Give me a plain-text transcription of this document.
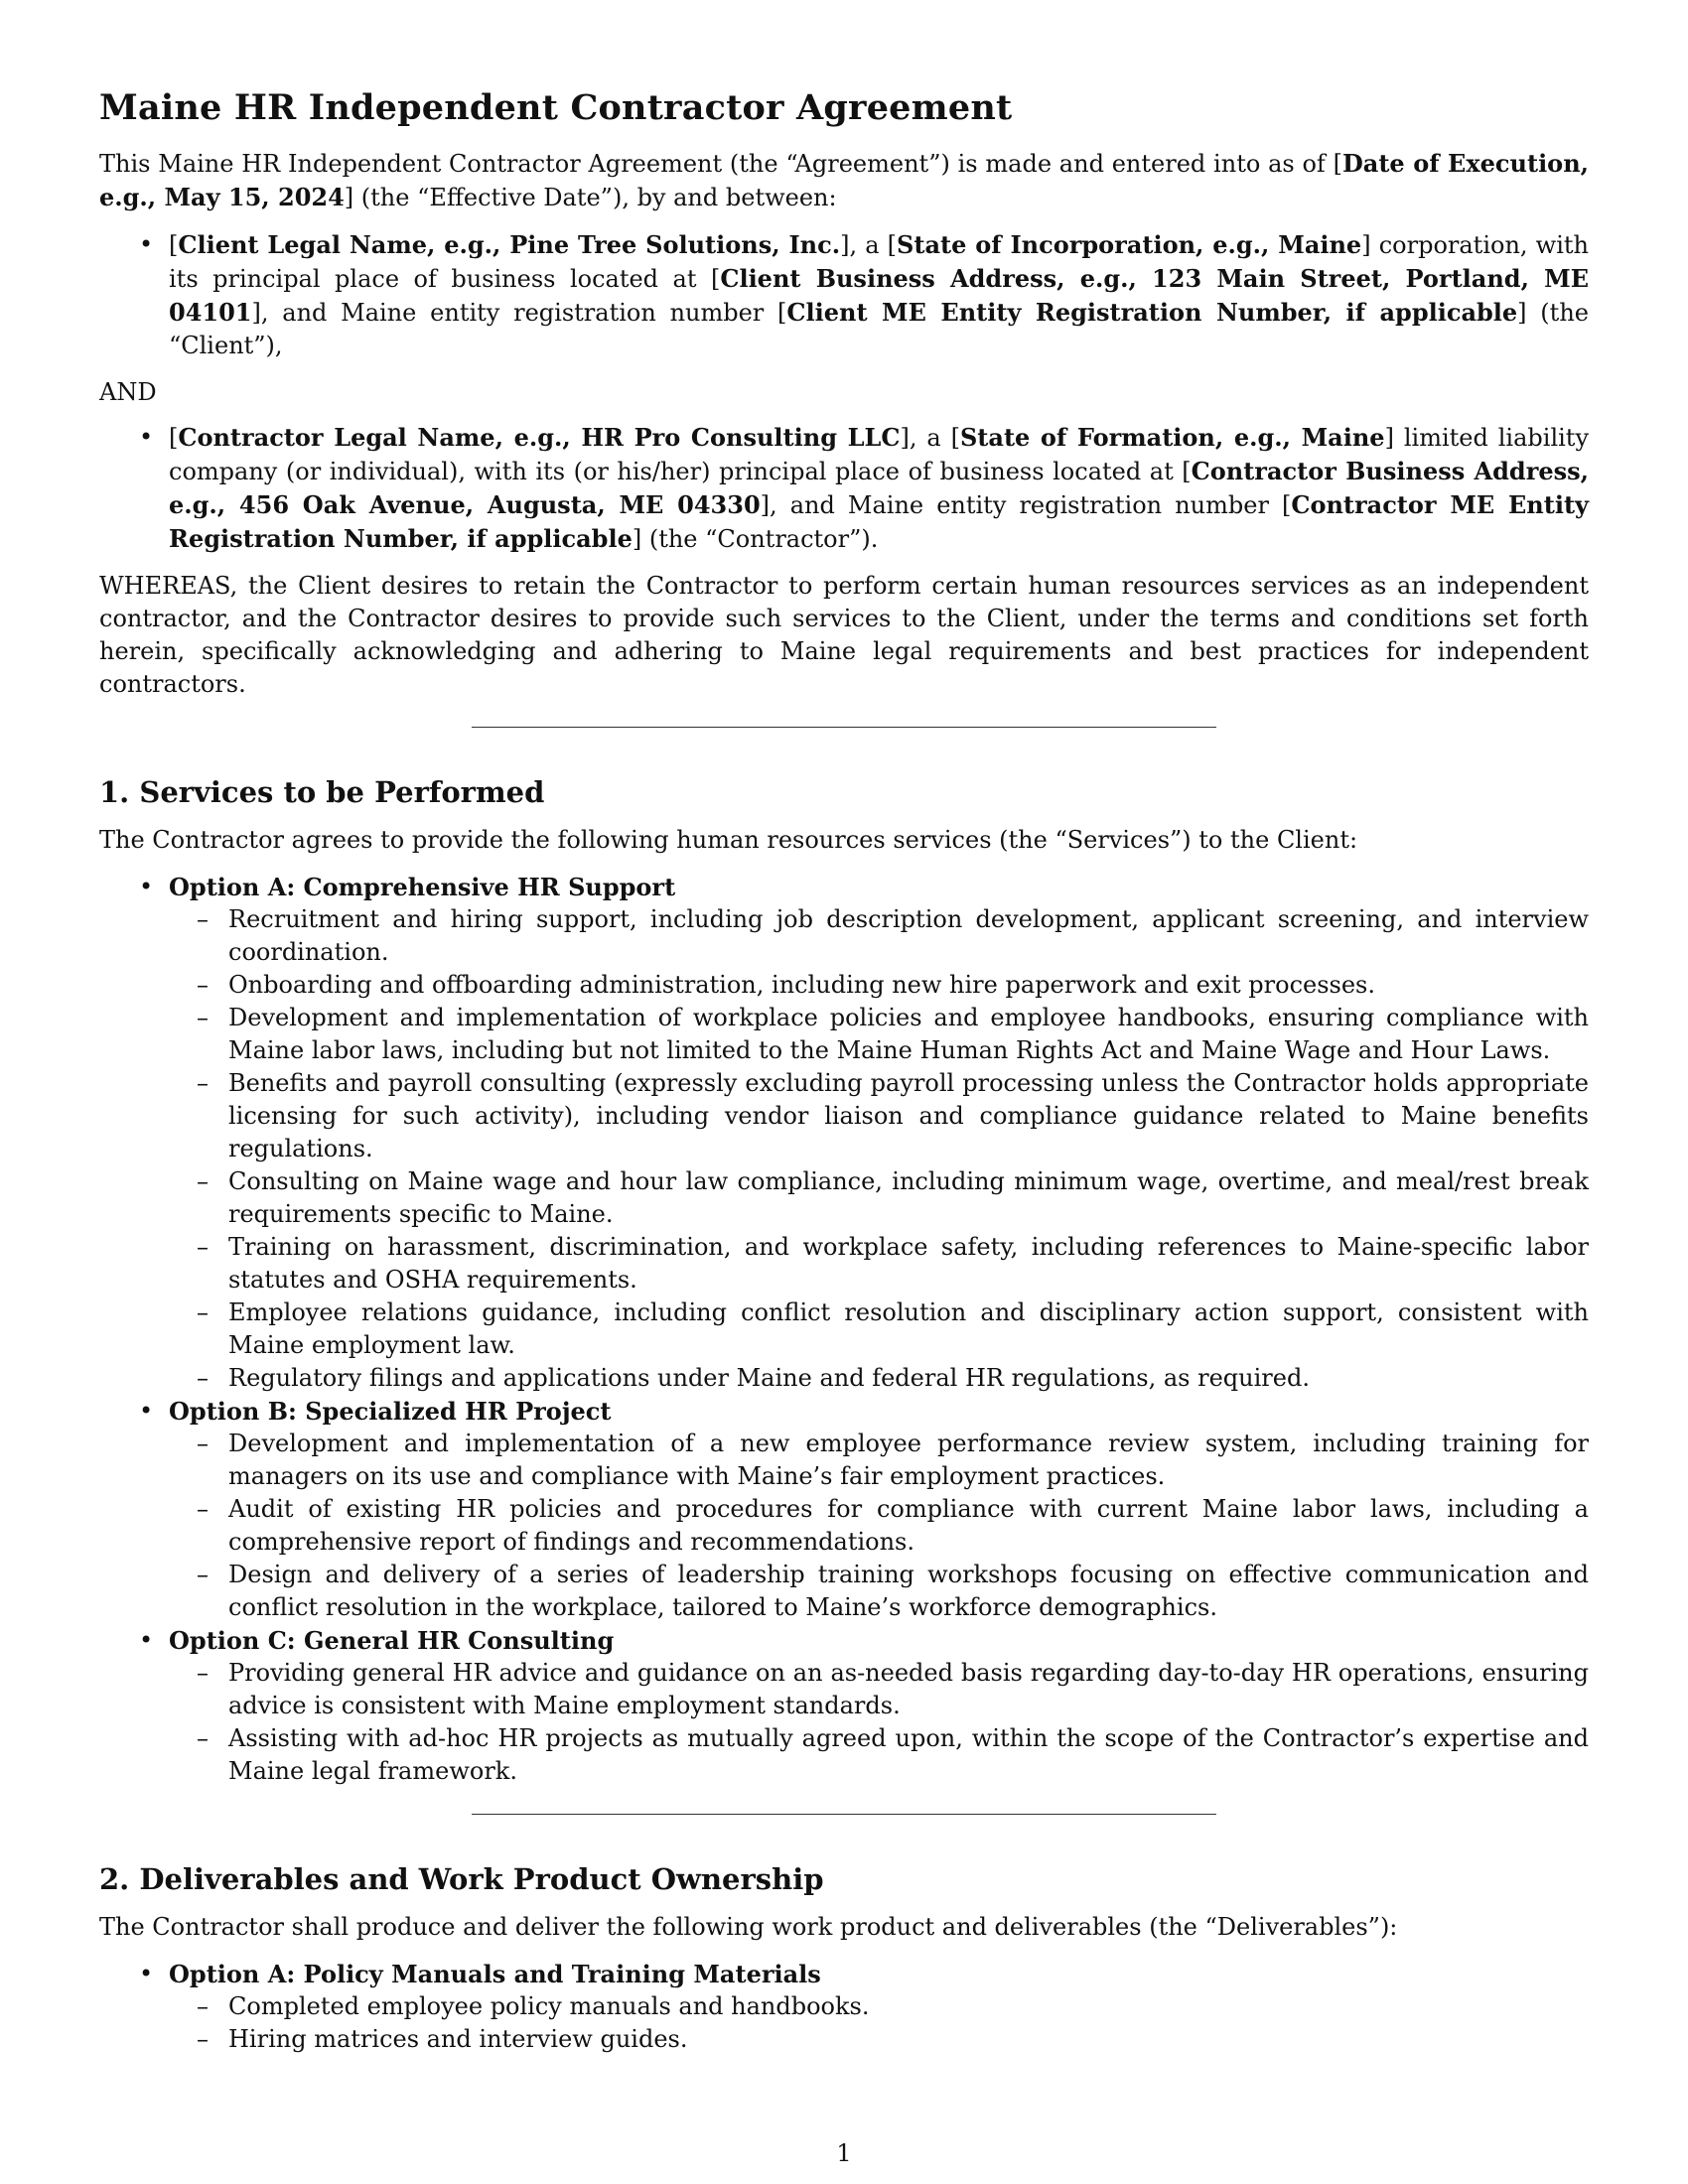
Maine HR Independent Contractor Agreement

This Maine HR Independent Contractor Agreement (the “Agreement”) is made and entered into as of [Date of Execution, e.g., May 15, 2024] (the “Effective Date”), by and between:

• [Client Legal Name, e.g., Pine Tree Solutions, Inc.], a [State of Incorporation, e.g., Maine] corporation, with its principal place of business located at [Client Business Address, e.g., 123 Main Street, Portland, ME 04101], and Maine entity registration number [Client ME Entity Registration Number, if applicable] (the “Client”),
AND
• [Contractor Legal Name, e.g., HR Pro Consulting LLC], a [State of Formation, e.g., Maine] limited liability company (or individual), with its (or his/her) principal place of business located at [Contractor Business Address, e.g., 456 Oak Avenue, Augusta, ME 04330], and Maine entity registration number [Contractor ME Entity Registration Number, if applicable] (the “Contractor”).

WHEREAS, the Client desires to retain the Contractor to perform certain human resources services as an independent contractor, and the Contractor desires to provide such services to the Client, under the terms and conditions set forth herein, specifically acknowledging and adhering to Maine legal requirements and best practices for independent contractors.

1. Services to be Performed

The Contractor agrees to provide the following human resources services (the “Services”) to the Client:

• Option A: Comprehensive HR Support
– Recruitment and hiring support, including job description development, applicant screening, and interview coordination.
– Onboarding and offboarding administration, including new hire paperwork and exit processes.
– Development and implementation of workplace policies and employee handbooks, ensuring compliance with Maine labor laws, including but not limited to the Maine Human Rights Act and Maine Wage and Hour Laws.
– Benefits and payroll consulting (expressly excluding payroll processing unless the Contractor holds appropriate licensing for such activity), including vendor liaison and compliance guidance related to Maine benefits regulations.
– Consulting on Maine wage and hour law compliance, including minimum wage, overtime, and meal/rest break requirements specific to Maine.
– Training on harassment, discrimination, and workplace safety, including references to Maine-specific labor statutes and OSHA requirements.
– Employee relations guidance, including conflict resolution and disciplinary action support, consistent with Maine employment law.
– Regulatory filings and applications under Maine and federal HR regulations, as required.
• Option B: Specialized HR Project
– Development and implementation of a new employee performance review system, including training for managers on its use and compliance with Maine’s fair employment practices.
– Audit of existing HR policies and procedures for compliance with current Maine labor laws, including a comprehensive report of findings and recommendations.
– Design and delivery of a series of leadership training workshops focusing on effective communication and conflict resolution in the workplace, tailored to Maine’s workforce demographics.
• Option C: General HR Consulting
– Providing general HR advice and guidance on an as-needed basis regarding day-to-day HR operations, ensuring advice is consistent with Maine employment standards.
– Assisting with ad-hoc HR projects as mutually agreed upon, within the scope of the Contractor’s expertise and Maine legal framework.
2. Deliverables and Work Product Ownership

The Contractor shall produce and deliver the following work product and deliverables (the “Deliverables”):

• Option A: Policy Manuals and Training Materials
– Completed employee policy manuals and handbooks.
– Hiring matrices and interview guides.
1
